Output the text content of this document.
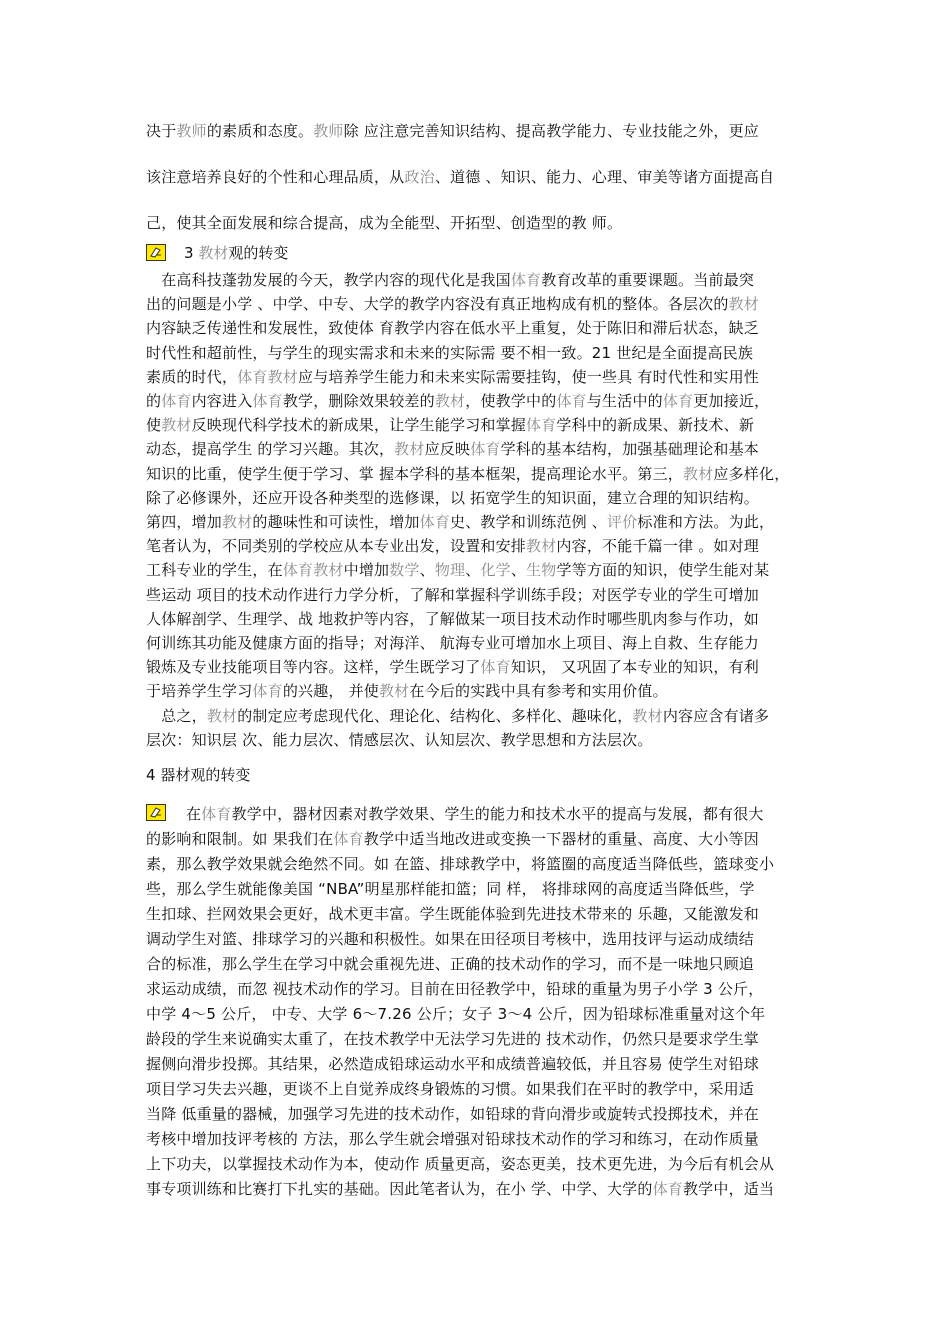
决于教师的素质和态度。教师除 应注意完善知识结构、提高教学能力、专业技能之外，更应
该注意培养良好的个性和心理品质，从政治、道德 、知识、能力、心理、审美等诸方面提高自
己，使其全面发展和综合提高，成为全能型、开拓型、创造型的教 师。
3 教材观的转变
　在高科技蓬勃发展的今天，教学内容的现代化是我国体育教育改革的重要课题。当前最突
出的问题是小学 、中学、中专、大学的教学内容没有真正地构成有机的整体。各层次的教材
内容缺乏传递性和发展性，致使体 育教学内容在低水平上重复，处于陈旧和滞后状态，缺乏
时代性和超前性，与学生的现实需求和未来的实际需 要不相一致。21 世纪是全面提高民族
素质的时代，体育教材应与培养学生能力和未来实际需要挂钩，使一些具 有时代性和实用性
的体育内容进入体育教学，删除效果较差的教材，使教学中的体育与生活中的体育更加接近，
使教材反映现代科学技术的新成果，让学生能学习和掌握体育学科中的新成果、新技术、新
动态，提高学生 的学习兴趣。其次，教材应反映体育学科的基本结构，加强基础理论和基本
知识的比重，使学生便于学习、掌 握本学科的基本框架，提高理论水平。第三，教材应多样化，
除了必修课外，还应开设各种类型的选修课，以 拓宽学生的知识面，建立合理的知识结构。
第四，增加教材的趣味性和可读性，增加体育史、教学和训练范例 、评价标准和方法。为此，
笔者认为，不同类别的学校应从本专业出发，设置和安排教材内容，不能千篇一律 。如对理
工科专业的学生，在体育教材中增加数学、物理、化学、生物学等方面的知识，使学生能对某
些运动 项目的技术动作进行力学分析，了解和掌握科学训练手段；对医学专业的学生可增加
人体解剖学、生理学、战 地救护等内容，了解做某一项目技术动作时哪些肌肉参与作功，如
何训练其功能及健康方面的指导；对海洋、 航海专业可增加水上项目、海上自救、生存能力
锻炼及专业技能项目等内容。这样，学生既学习了体育知识， 又巩固了本专业的知识，有利
于培养学生学习体育的兴趣， 并使教材在今后的实践中具有参考和实用价值。
　总之，教材的制定应考虑现代化、理论化、结构化、多样化、趣味化，教材内容应含有诸多
层次：知识层 次、能力层次、情感层次、认知层次、教学思想和方法层次。
4 器材观的转变
在体育教学中，器材因素对教学效果、学生的能力和技术水平的提高与发展，都有很大
的影响和限制。如 果我们在体育教学中适当地改进或变换一下器材的重量、高度、大小等因
素，那么教学效果就会绝然不同。如 在篮、排球教学中，将篮圈的高度适当降低些，篮球变小
些，那么学生就能像美国 “NBA”明星那样能扣篮；同 样， 将排球网的高度适当降低些，学
生扣球、拦网效果会更好，战术更丰富。学生既能体验到先进技术带来的 乐趣，又能激发和
调动学生对篮、排球学习的兴趣和积极性。如果在田径项目考核中，选用技评与运动成绩结
合的标准，那么学生在学习中就会重视先进、正确的技术动作的学习，而不是一味地只顾追
求运动成绩，而忽 视技术动作的学习。目前在田径教学中，铅球的重量为男子小学 3 公斤，
中学 4～5 公斤， 中专、大学 6～7.26 公斤；女子 3～4 公斤，因为铅球标准重量对这个年
龄段的学生来说确实太重了，在技术教学中无法学习先进的 技术动作，仍然只是要求学生掌
握侧向滑步投掷。其结果，必然造成铅球运动水平和成绩普遍较低，并且容易 使学生对铅球
项目学习失去兴趣，更谈不上自觉养成终身锻炼的习惯。如果我们在平时的教学中，采用适
当降 低重量的器械，加强学习先进的技术动作，如铅球的背向滑步或旋转式投掷技术，并在
考核中增加技评考核的 方法，那么学生就会增强对铅球技术动作的学习和练习，在动作质量
上下功夫，以掌握技术动作为本，使动作 质量更高，姿态更美，技术更先进，为今后有机会从
事专项训练和比赛打下扎实的基础。因此笔者认为，在小 学、中学、大学的体育教学中，适当
